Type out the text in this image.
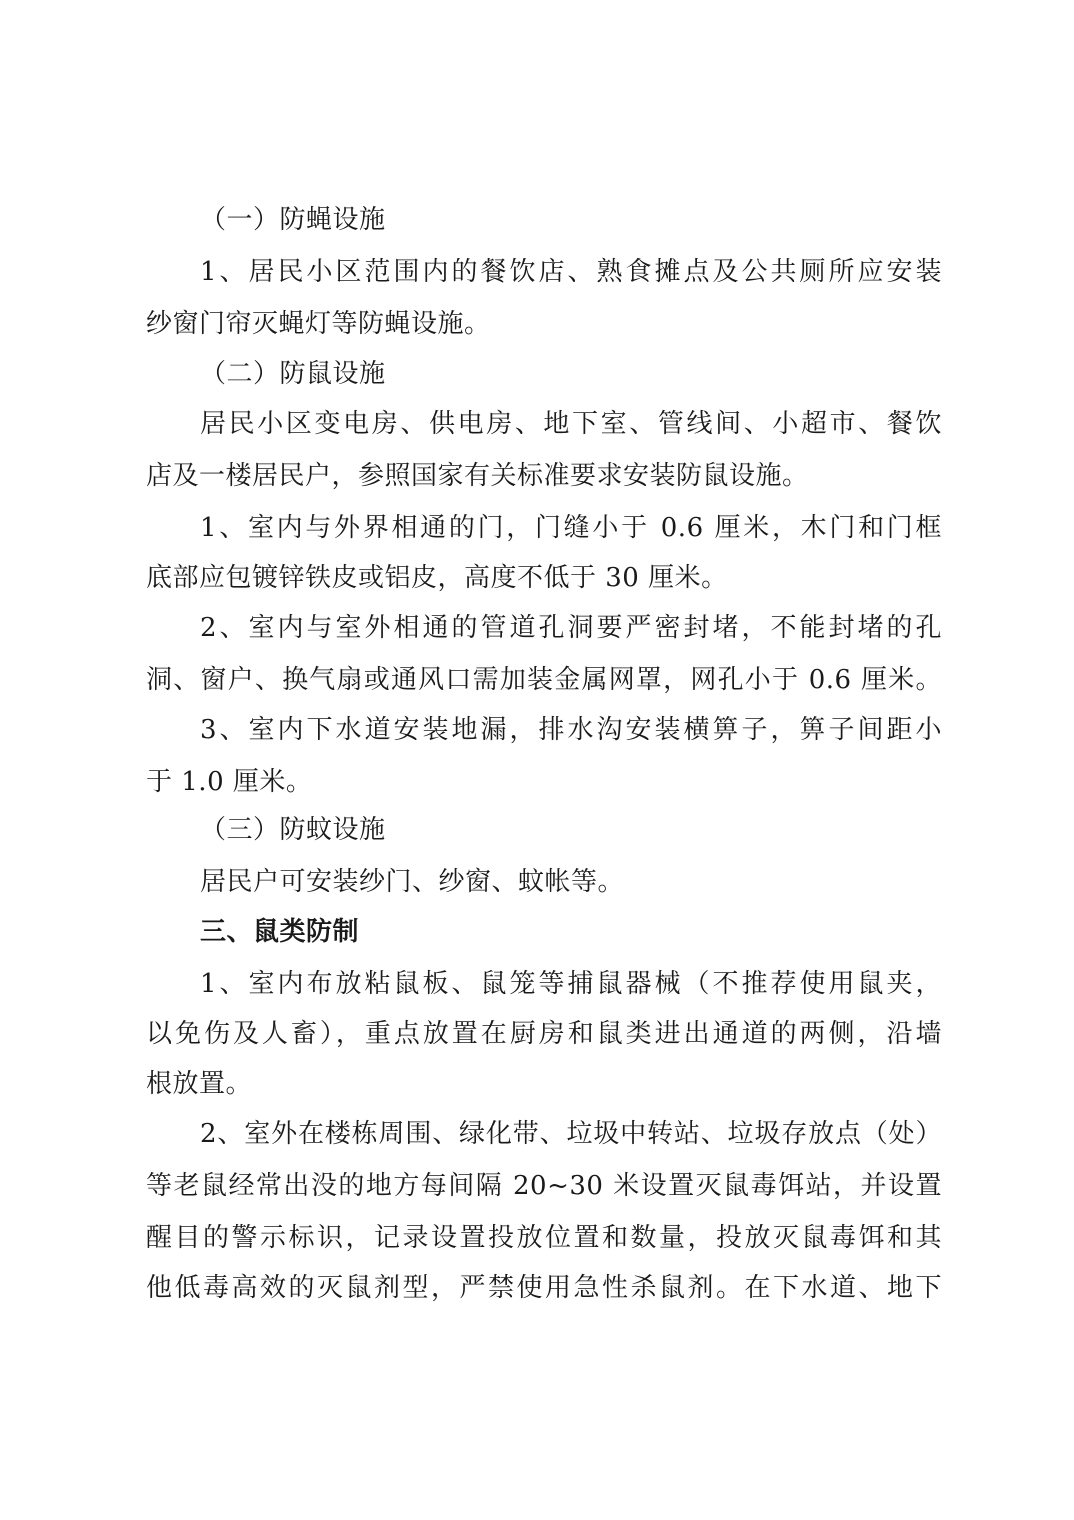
（一）防蝇设施
1、居民小区范围内的餐饮店、熟食摊点及公共厕所应安装
纱窗门帘灭蝇灯等防蝇设施。
（二）防鼠设施
居民小区变电房、供电房、地下室、管线间、小超市、餐饮
店及一楼居民户，参照国家有关标准要求安装防鼠设施。
1、室内与外界相通的门，门缝小于 0.6 厘米，木门和门框
底部应包镀锌铁皮或铝皮，高度不低于 30 厘米。
2、室内与室外相通的管道孔洞要严密封堵，不能封堵的孔
洞、窗户、换气扇或通风口需加装金属网罩，网孔小于 0.6 厘米。
3、室内下水道安装地漏，排水沟安装横箅子，箅子间距小
于 1.0 厘米。
（三）防蚊设施
居民户可安装纱门、纱窗、蚊帐等。
三、鼠类防制
1、室内布放粘鼠板、鼠笼等捕鼠器械（不推荐使用鼠夹，
以免伤及人畜），重点放置在厨房和鼠类进出通道的两侧，沿墙
根放置。
2、室外在楼栋周围、绿化带、垃圾中转站、垃圾存放点（处）
等老鼠经常出没的地方每间隔 20~30 米设置灭鼠毒饵站，并设置
醒目的警示标识，记录设置投放位置和数量，投放灭鼠毒饵和其
他低毒高效的灭鼠剂型，严禁使用急性杀鼠剂。在下水道、地下
